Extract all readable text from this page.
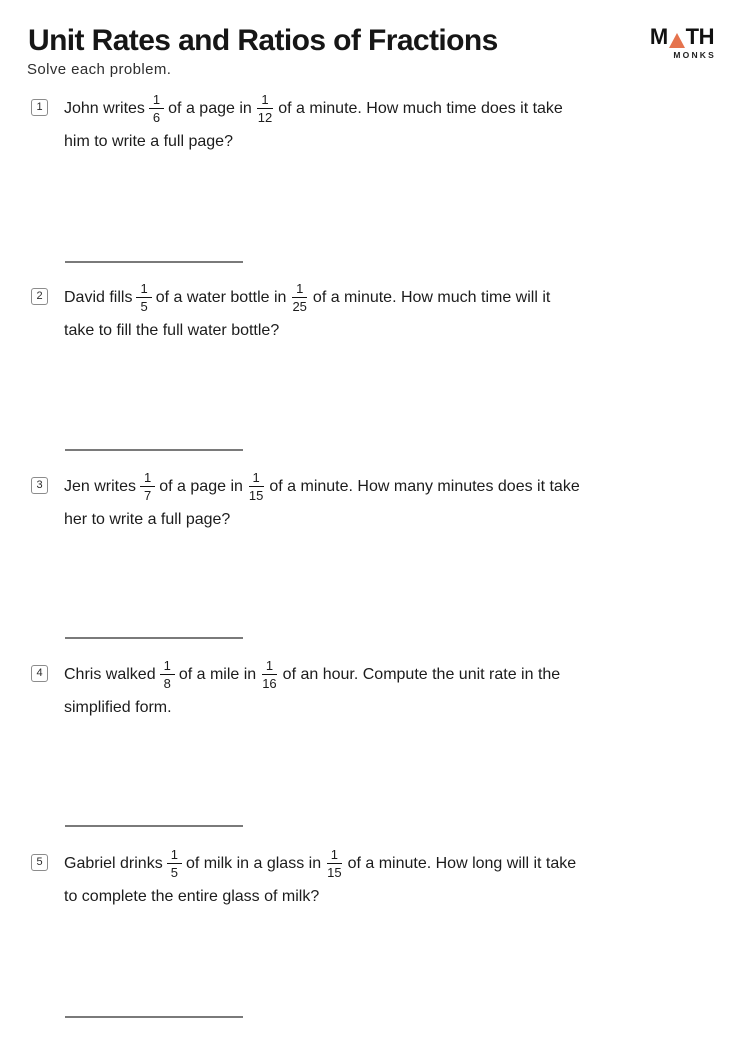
Unit Rates and Ratios of Fractions	M TH
MONKS

Solve each problem.

1	John writes $\frac{1}{6}$ of a page in $\frac{1}{12}$ of a minute. How much time does it take
him to write a full page?

2	David fills $\frac{1}{5}$ of a water bottle in $\frac{1}{25}$ of a minute. How much time will it
take to fill the full water bottle?

3	Jen writes $\frac{1}{7}$ of a page in $\frac{1}{15}$ of a minute. How many minutes does it take
her to write a full page?

4	Chris walked $\frac{1}{8}$ of a mile in $\frac{1}{16}$ of an hour. Compute the unit rate in the
simplified form.

5	Gabriel drinks $\frac{1}{5}$ of milk in a glass in $\frac{1}{15}$ of a minute. How long will it take
to complete the entire glass of milk?
